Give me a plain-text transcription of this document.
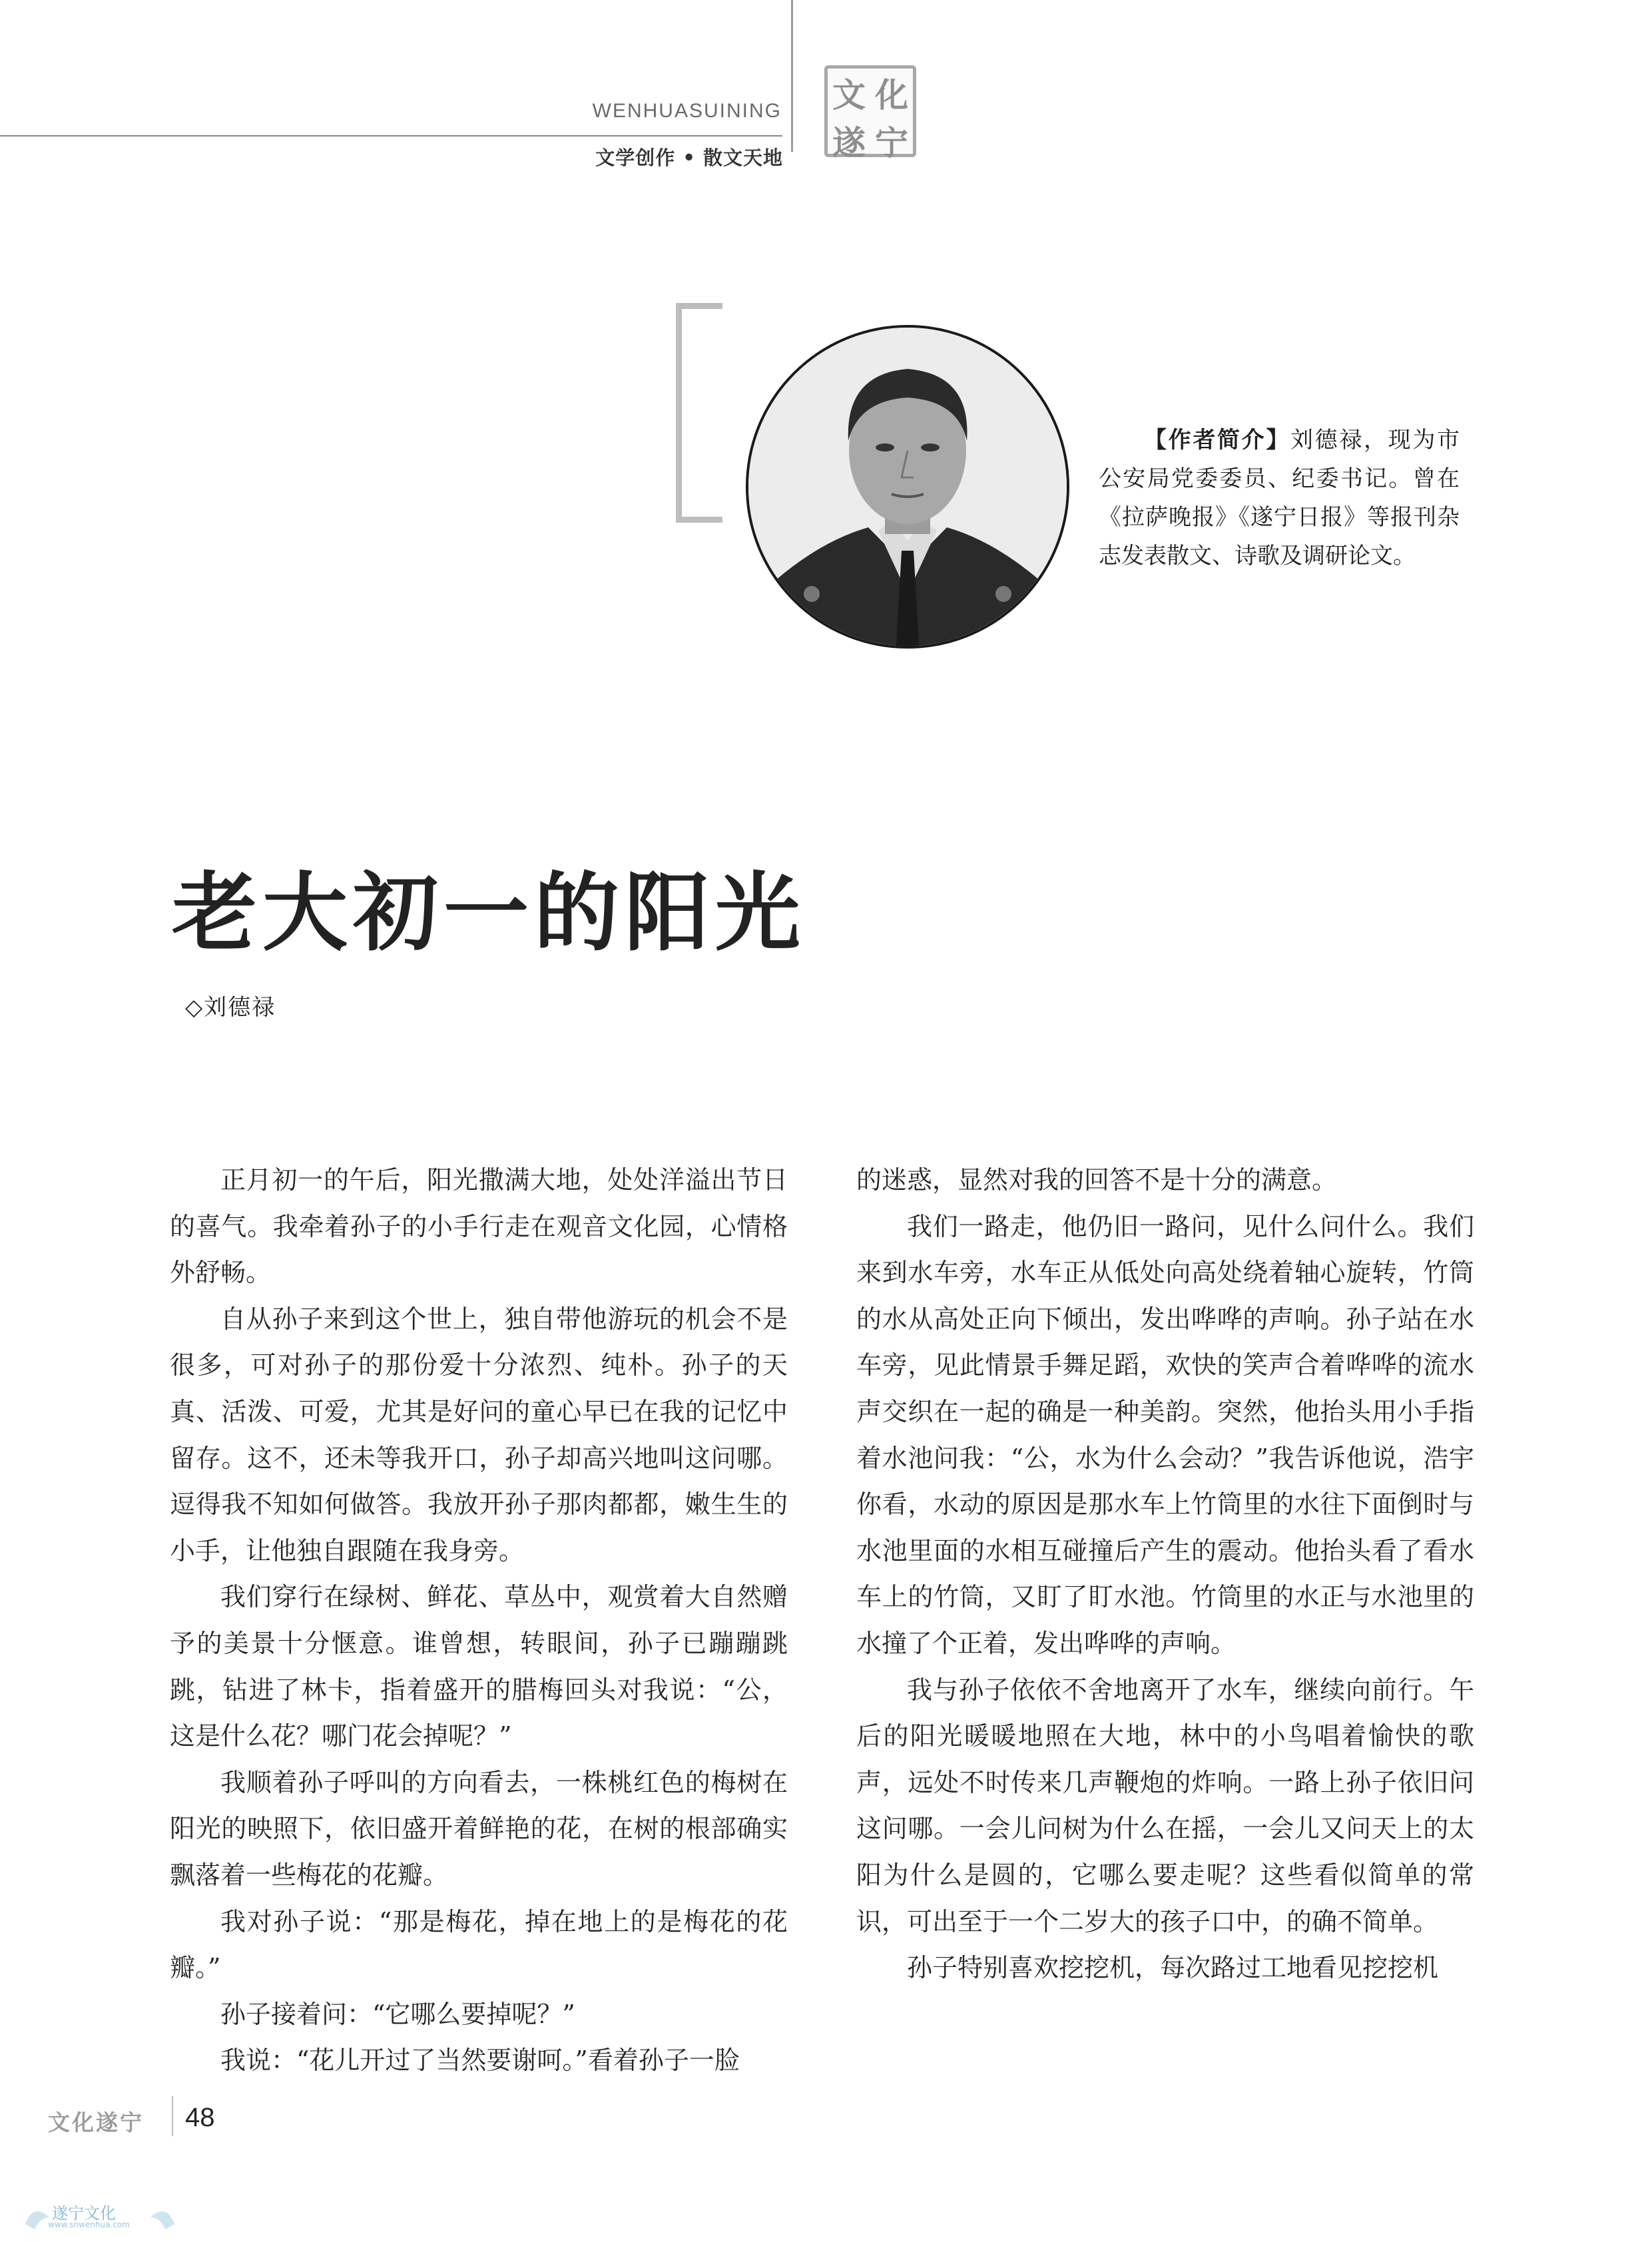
WENHUASUINING
文学创作 • 散文天地
文 化
遂 宁
【作者简介】刘德禄，现为市公安局党委委员、纪委书记。曾在《拉萨晚报》《遂宁日报》等报刊杂志发表散文、诗歌及调研论文。
老大初一的阳光
◇刘德禄

正月初一的午后，阳光撒满大地，处处洋溢出节日的喜气。我牵着孙子的小手行走在观音文化园，心情格外舒畅。

自从孙子来到这个世上，独自带他游玩的机会不是很多，可对孙子的那份爱十分浓烈、纯朴。孙子的天真、活泼、可爱，尤其是好问的童心早已在我的记忆中留存。这不，还未等我开口，孙子却高兴地叫这问哪。逗得我不知如何做答。我放开孙子那肉都都，嫩生生的小手，让他独自跟随在我身旁。

我们穿行在绿树、鲜花、草丛中，观赏着大自然赠予的美景十分惬意。谁曾想，转眼间，孙子已蹦蹦跳跳，钻进了林卡，指着盛开的腊梅回头对我说：“公，这是什么花？哪门花会掉呢？”

我顺着孙子呼叫的方向看去，一株桃红色的梅树在阳光的映照下，依旧盛开着鲜艳的花，在树的根部确实飘落着一些梅花的花瓣。

我对孙子说：“那是梅花，掉在地上的是梅花的花瓣。”

孙子接着问：“它哪么要掉呢？”

我说：“花儿开过了当然要谢呵。”看着孙子一脸

的迷惑，显然对我的回答不是十分的满意。

我们一路走，他仍旧一路问，见什么问什么。我们来到水车旁，水车正从低处向高处绕着轴心旋转，竹筒的水从高处正向下倾出，发出哗哗的声响。孙子站在水车旁，见此情景手舞足蹈，欢快的笑声合着哗哗的流水声交织在一起的确是一种美韵。突然，他抬头用小手指着水池问我：“公，水为什么会动？”我告诉他说，浩宇你看，水动的原因是那水车上竹筒里的水往下面倒时与水池里面的水相互碰撞后产生的震动。他抬头看了看水车上的竹筒，又盯了盯水池。竹筒里的水正与水池里的水撞了个正着，发出哗哗的声响。

我与孙子依依不舍地离开了水车，继续向前行。午后的阳光暖暖地照在大地，林中的小鸟唱着愉快的歌声，远处不时传来几声鞭炮的炸响。一路上孙子依旧问这问哪。一会儿问树为什么在摇，一会儿又问天上的太阳为什么是圆的，它哪么要走呢？这些看似简单的常识，可出至于一个二岁大的孩子口中，的确不简单。

孙子特别喜欢挖挖机，每次路过工地看见挖挖机

文化遂宁 48
遂宁文化
www.snwenhua.com
